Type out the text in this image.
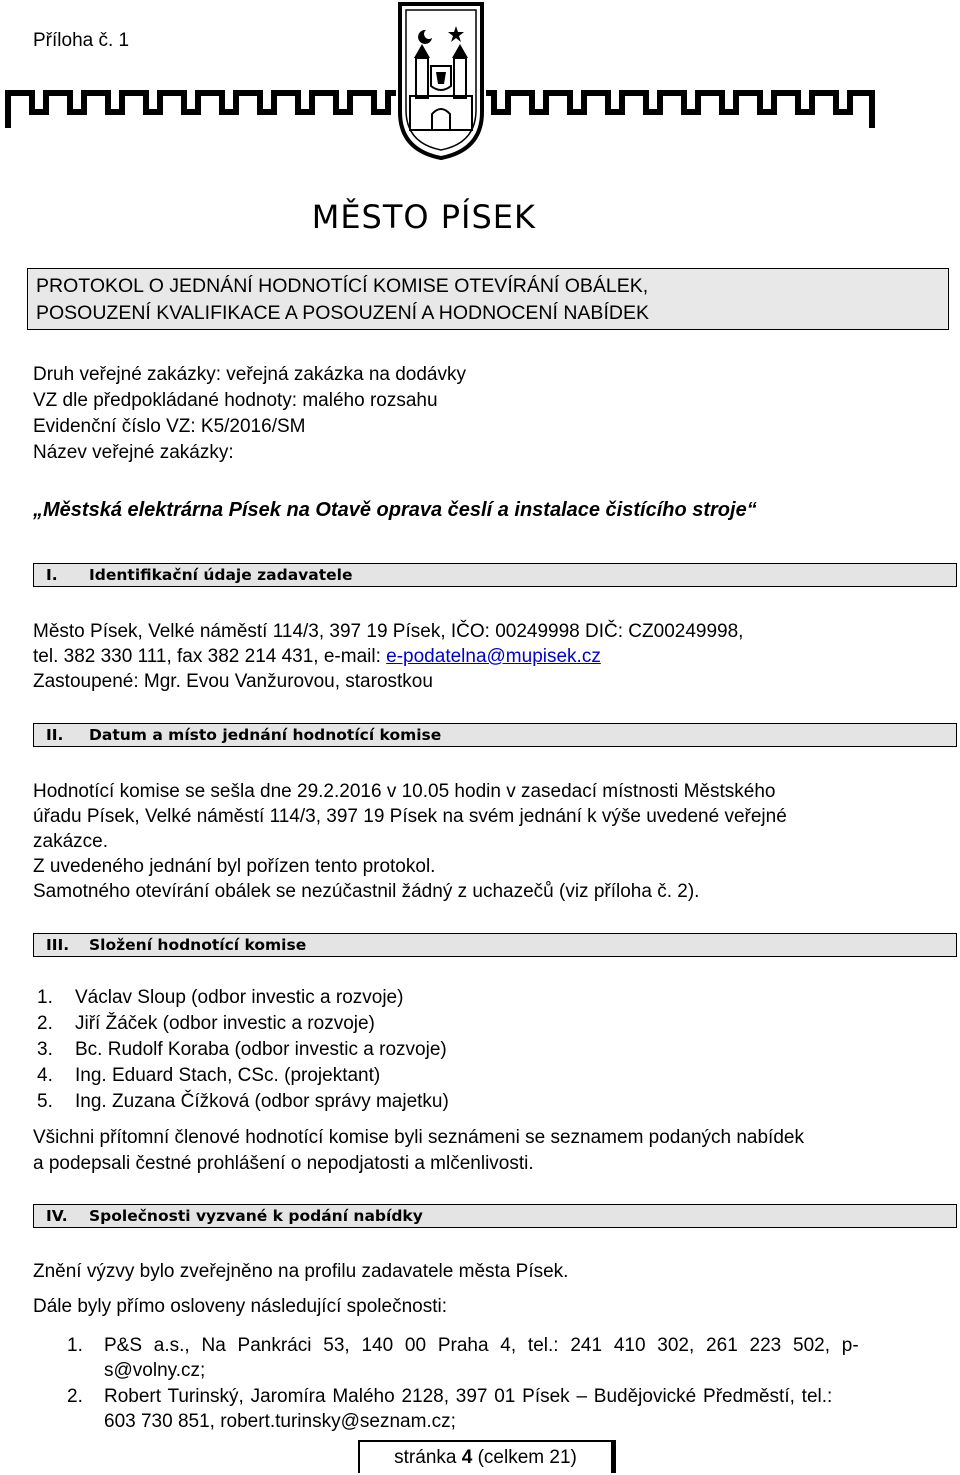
Příloha č. 1
MĚSTO PÍSEK
PROTOKOL O JEDNÁNÍ HODNOTÍCÍ KOMISE OTEVÍRÁNÍ OBÁLEK,
POSOUZENÍ KVALIFIKACE A POSOUZENÍ A HODNOCENÍ NABÍDEK
Druh veřejné zakázky: veřejná zakázka na dodávky
VZ dle předpokládané hodnoty: malého rozsahu
Evidenční číslo VZ: K5/2016/SM
Název veřejné zakázky:
„Městská elektrárna Písek na Otavě oprava česlí a instalace čistícího stroje“
I. Identifikační údaje zadavatele
Město Písek, Velké náměstí 114/3, 397 19 Písek, IČO: 00249998 DIČ: CZ00249998,
tel. 382 330 111, fax 382 214 431, e-mail: e-podatelna@mupisek.cz
Zastoupené: Mgr. Evou Vanžurovou, starostkou
II. Datum a místo jednání hodnotící komise
Hodnotící komise se sešla dne 29.2.2016 v 10.05 hodin v zasedací místnosti Městského
úřadu Písek, Velké náměstí 114/3, 397 19 Písek na svém jednání k výše uvedené veřejné
zakázce.
Z uvedeného jednání byl pořízen tento protokol.
Samotného otevírání obálek se nezúčastnil žádný z uchazečů (viz příloha č. 2).
III. Složení hodnotící komise
1. Václav Sloup (odbor investic a rozvoje)
2. Jiří Žáček (odbor investic a rozvoje)
3. Bc. Rudolf Koraba (odbor investic a rozvoje)
4. Ing. Eduard Stach, CSc. (projektant)
5. Ing. Zuzana Čížková (odbor správy majetku)
Všichni přítomní členové hodnotící komise byli seznámeni se seznamem podaných nabídek
a podepsali čestné prohlášení o nepodjatosti a mlčenlivosti.
IV. Společnosti vyzvané k podání nabídky
Znění výzvy bylo zveřejněno na profilu zadavatele města Písek.
Dále byly přímo osloveny následující společnosti:
1. P&S a.s., Na Pankráci 53, 140 00 Praha 4, tel.: 241 410 302, 261 223 502, p-
s@volny.cz;
2. Robert Turinský, Jaromíra Malého 2128, 397 01 Písek – Budějovické Předměstí, tel.:
603 730 851, robert.turinsky@seznam.cz;
stránka 4 (celkem 21)
